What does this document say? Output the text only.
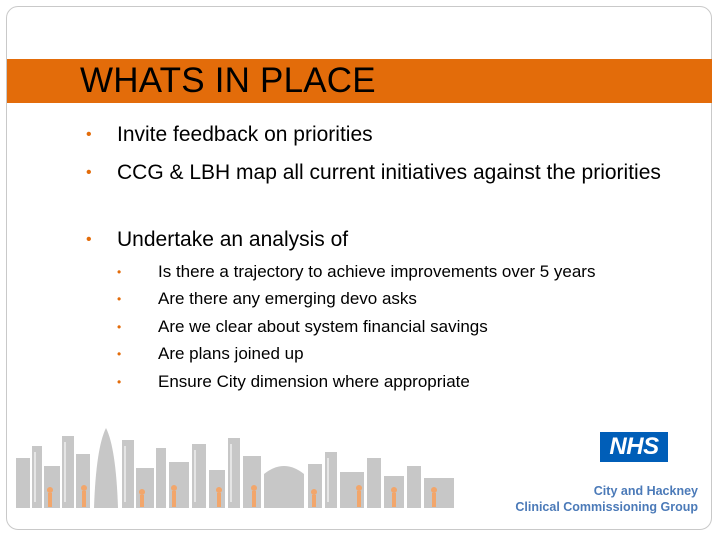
WHATS IN PLACE
• Invite feedback on priorities
• CCG & LBH map all current initiatives against the priorities
• Undertake an analysis of
• Is there a trajectory to achieve improvements over 5 years
• Are there any emerging devo asks
• Are we clear about system financial savings
• Are plans joined up
• Ensure City dimension where appropriate
NHS
City and Hackney
Clinical Commissioning Group
